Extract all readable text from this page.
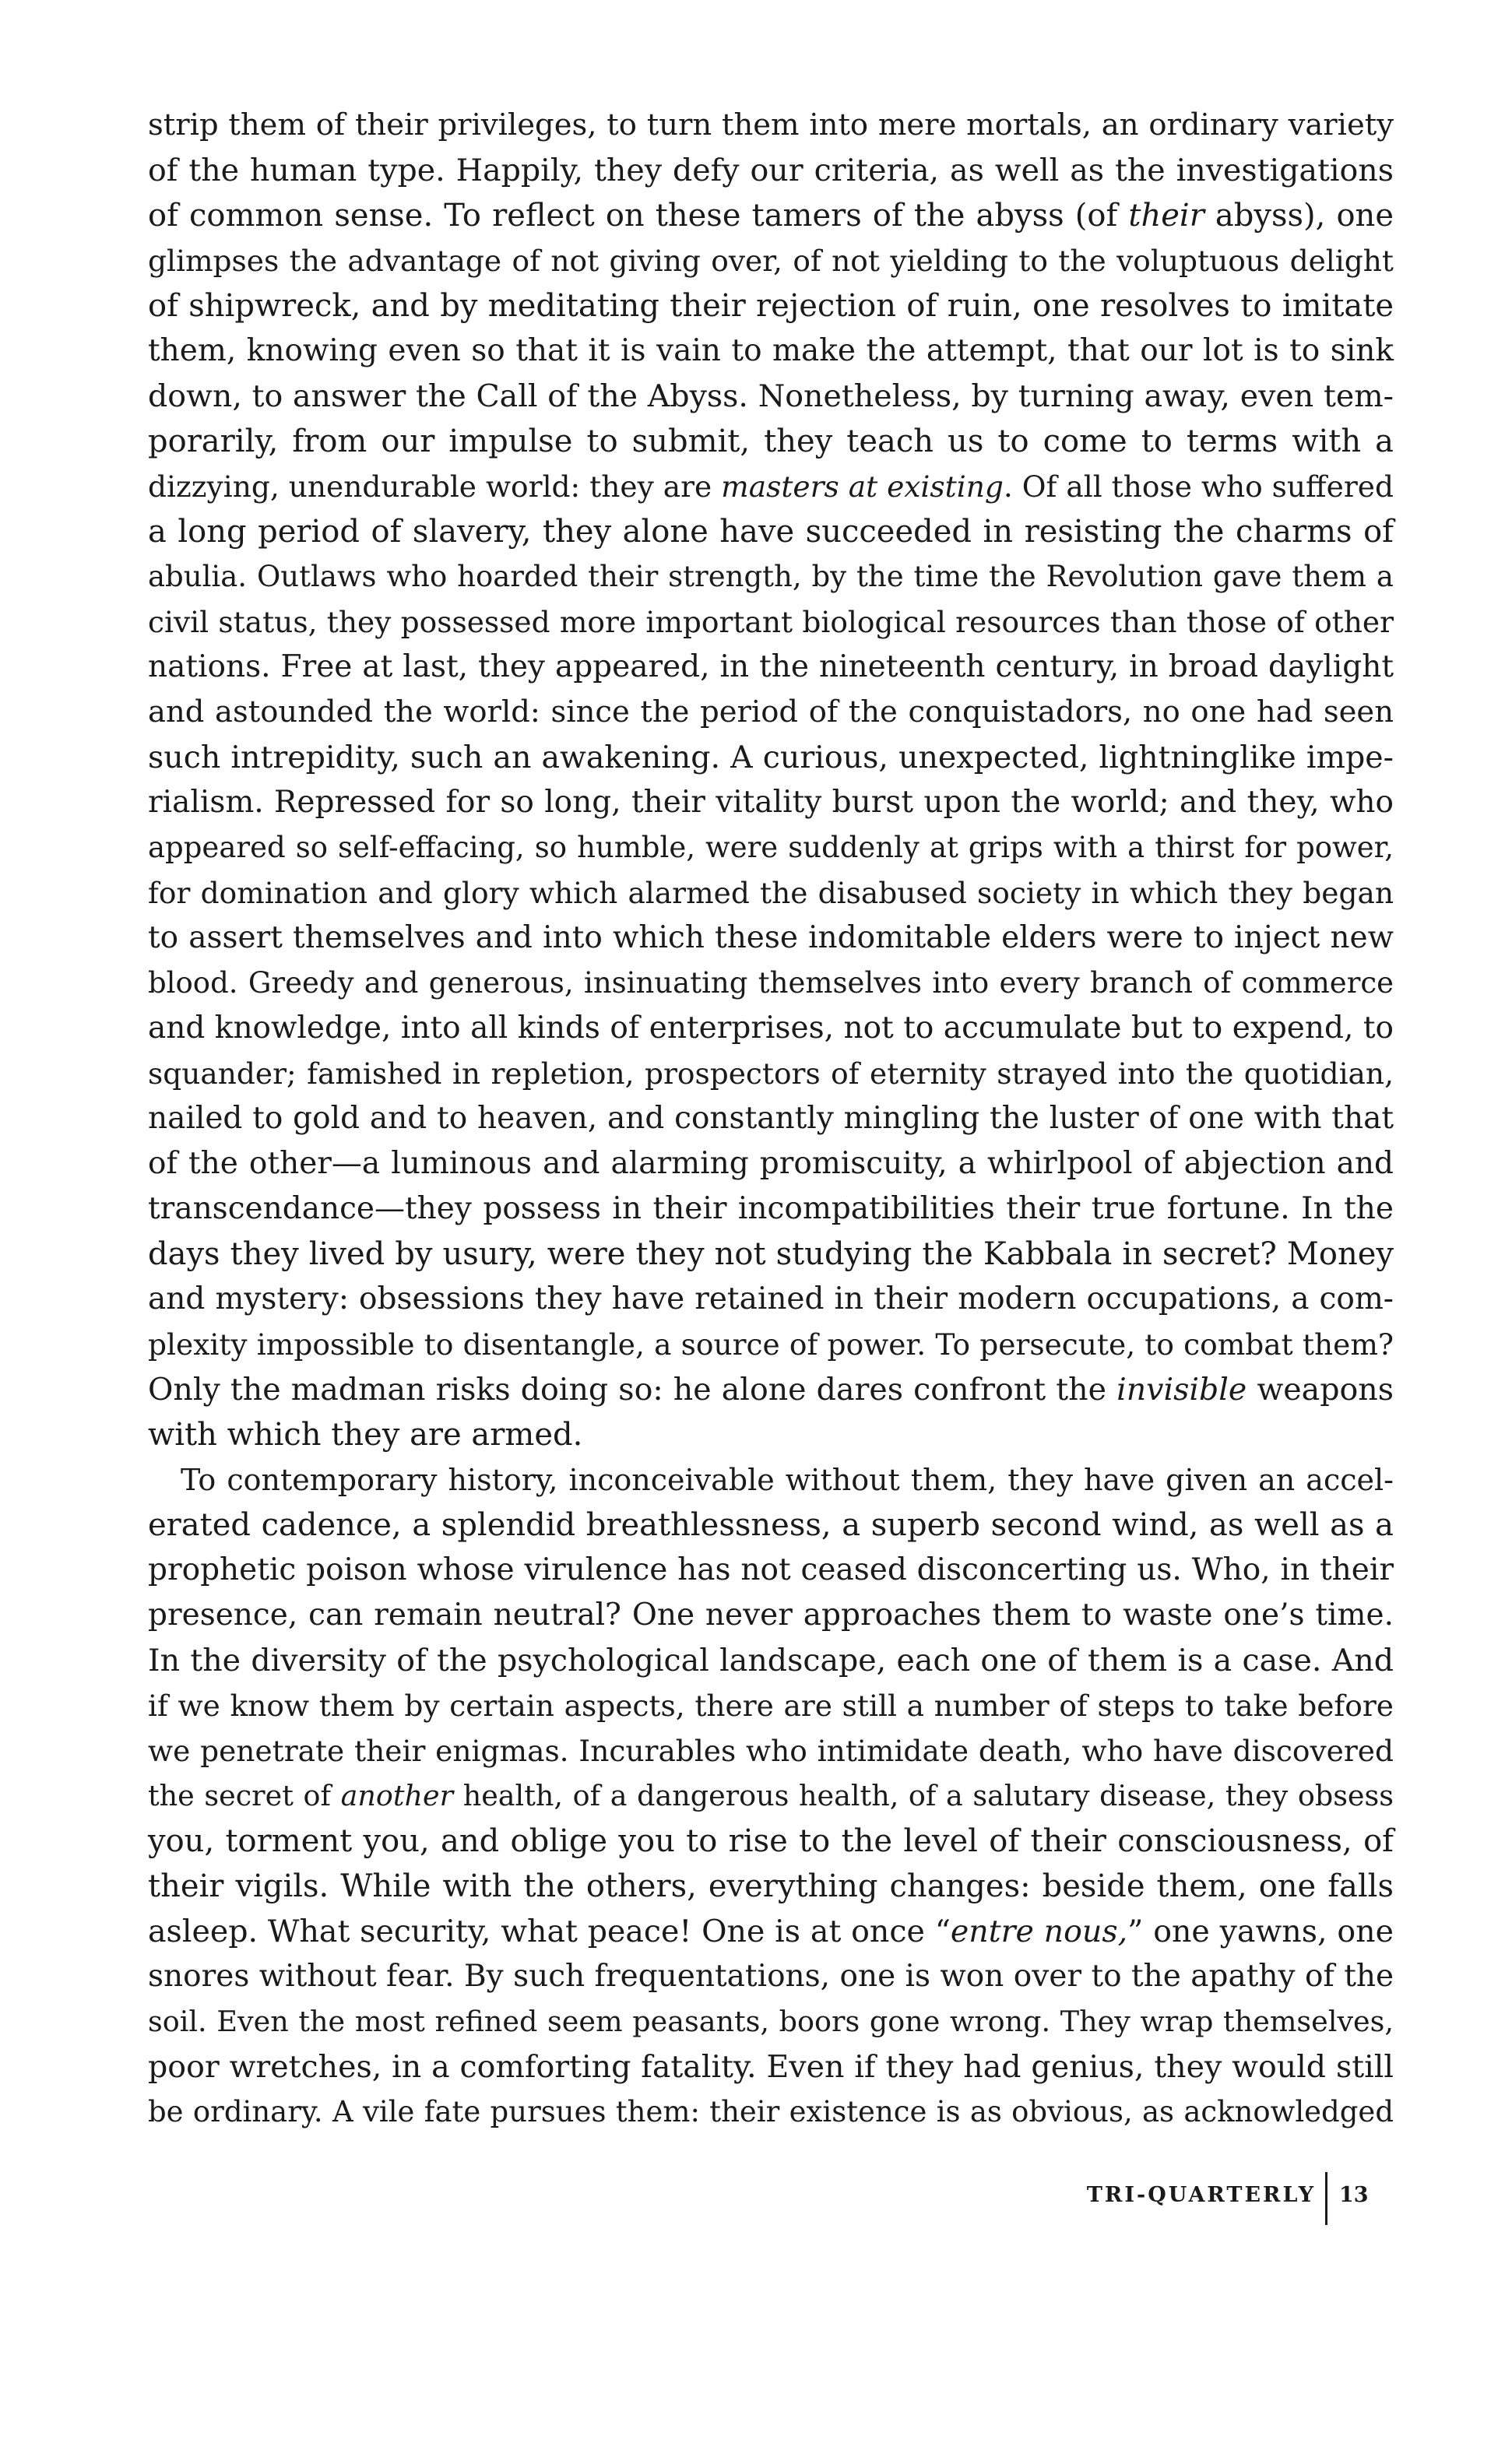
strip them of their privileges, to turn them into mere mortals, an ordinary variety
of the human type. Happily, they defy our criteria, as well as the investigations
of common sense. To reflect on these tamers of the abyss (of their abyss), one
glimpses the advantage of not giving over, of not yielding to the voluptuous delight
of shipwreck, and by meditating their rejection of ruin, one resolves to imitate
them, knowing even so that it is vain to make the attempt, that our lot is to sink
down, to answer the Call of the Abyss. Nonetheless, by turning away, even tem-
porarily, from our impulse to submit, they teach us to come to terms with a
dizzying, unendurable world: they are masters at existing. Of all those who suffered
a long period of slavery, they alone have succeeded in resisting the charms of
abulia. Outlaws who hoarded their strength, by the time the Revolution gave them a
civil status, they possessed more important biological resources than those of other
nations. Free at last, they appeared, in the nineteenth century, in broad daylight
and astounded the world: since the period of the conquistadors, no one had seen
such intrepidity, such an awakening. A curious, unexpected, lightninglike impe-
rialism. Repressed for so long, their vitality burst upon the world; and they, who
appeared so self-effacing, so humble, were suddenly at grips with a thirst for power,
for domination and glory which alarmed the disabused society in which they began
to assert themselves and into which these indomitable elders were to inject new
blood. Greedy and generous, insinuating themselves into every branch of commerce
and knowledge, into all kinds of enterprises, not to accumulate but to expend, to
squander; famished in repletion, prospectors of eternity strayed into the quotidian,
nailed to gold and to heaven, and constantly mingling the luster of one with that
of the other—a luminous and alarming promiscuity, a whirlpool of abjection and
transcendance—they possess in their incompatibilities their true fortune. In the
days they lived by usury, were they not studying the Kabbala in secret? Money
and mystery: obsessions they have retained in their modern occupations, a com-
plexity impossible to disentangle, a source of power. To persecute, to combat them?
Only the madman risks doing so: he alone dares confront the invisible weapons
with which they are armed.
To contemporary history, inconceivable without them, they have given an accel-
erated cadence, a splendid breathlessness, a superb second wind, as well as a
prophetic poison whose virulence has not ceased disconcerting us. Who, in their
presence, can remain neutral? One never approaches them to waste one’s time.
In the diversity of the psychological landscape, each one of them is a case. And
if we know them by certain aspects, there are still a number of steps to take before
we penetrate their enigmas. Incurables who intimidate death, who have discovered
the secret of another health, of a dangerous health, of a salutary disease, they obsess
you, torment you, and oblige you to rise to the level of their consciousness, of
their vigils. While with the others, everything changes: beside them, one falls
asleep. What security, what peace! One is at once “entre nous,” one yawns, one
snores without fear. By such frequentations, one is won over to the apathy of the
soil. Even the most refined seem peasants, boors gone wrong. They wrap themselves,
poor wretches, in a comforting fatality. Even if they had genius, they would still
be ordinary. A vile fate pursues them: their existence is as obvious, as acknowledged
TRI-QUARTERLY 13
